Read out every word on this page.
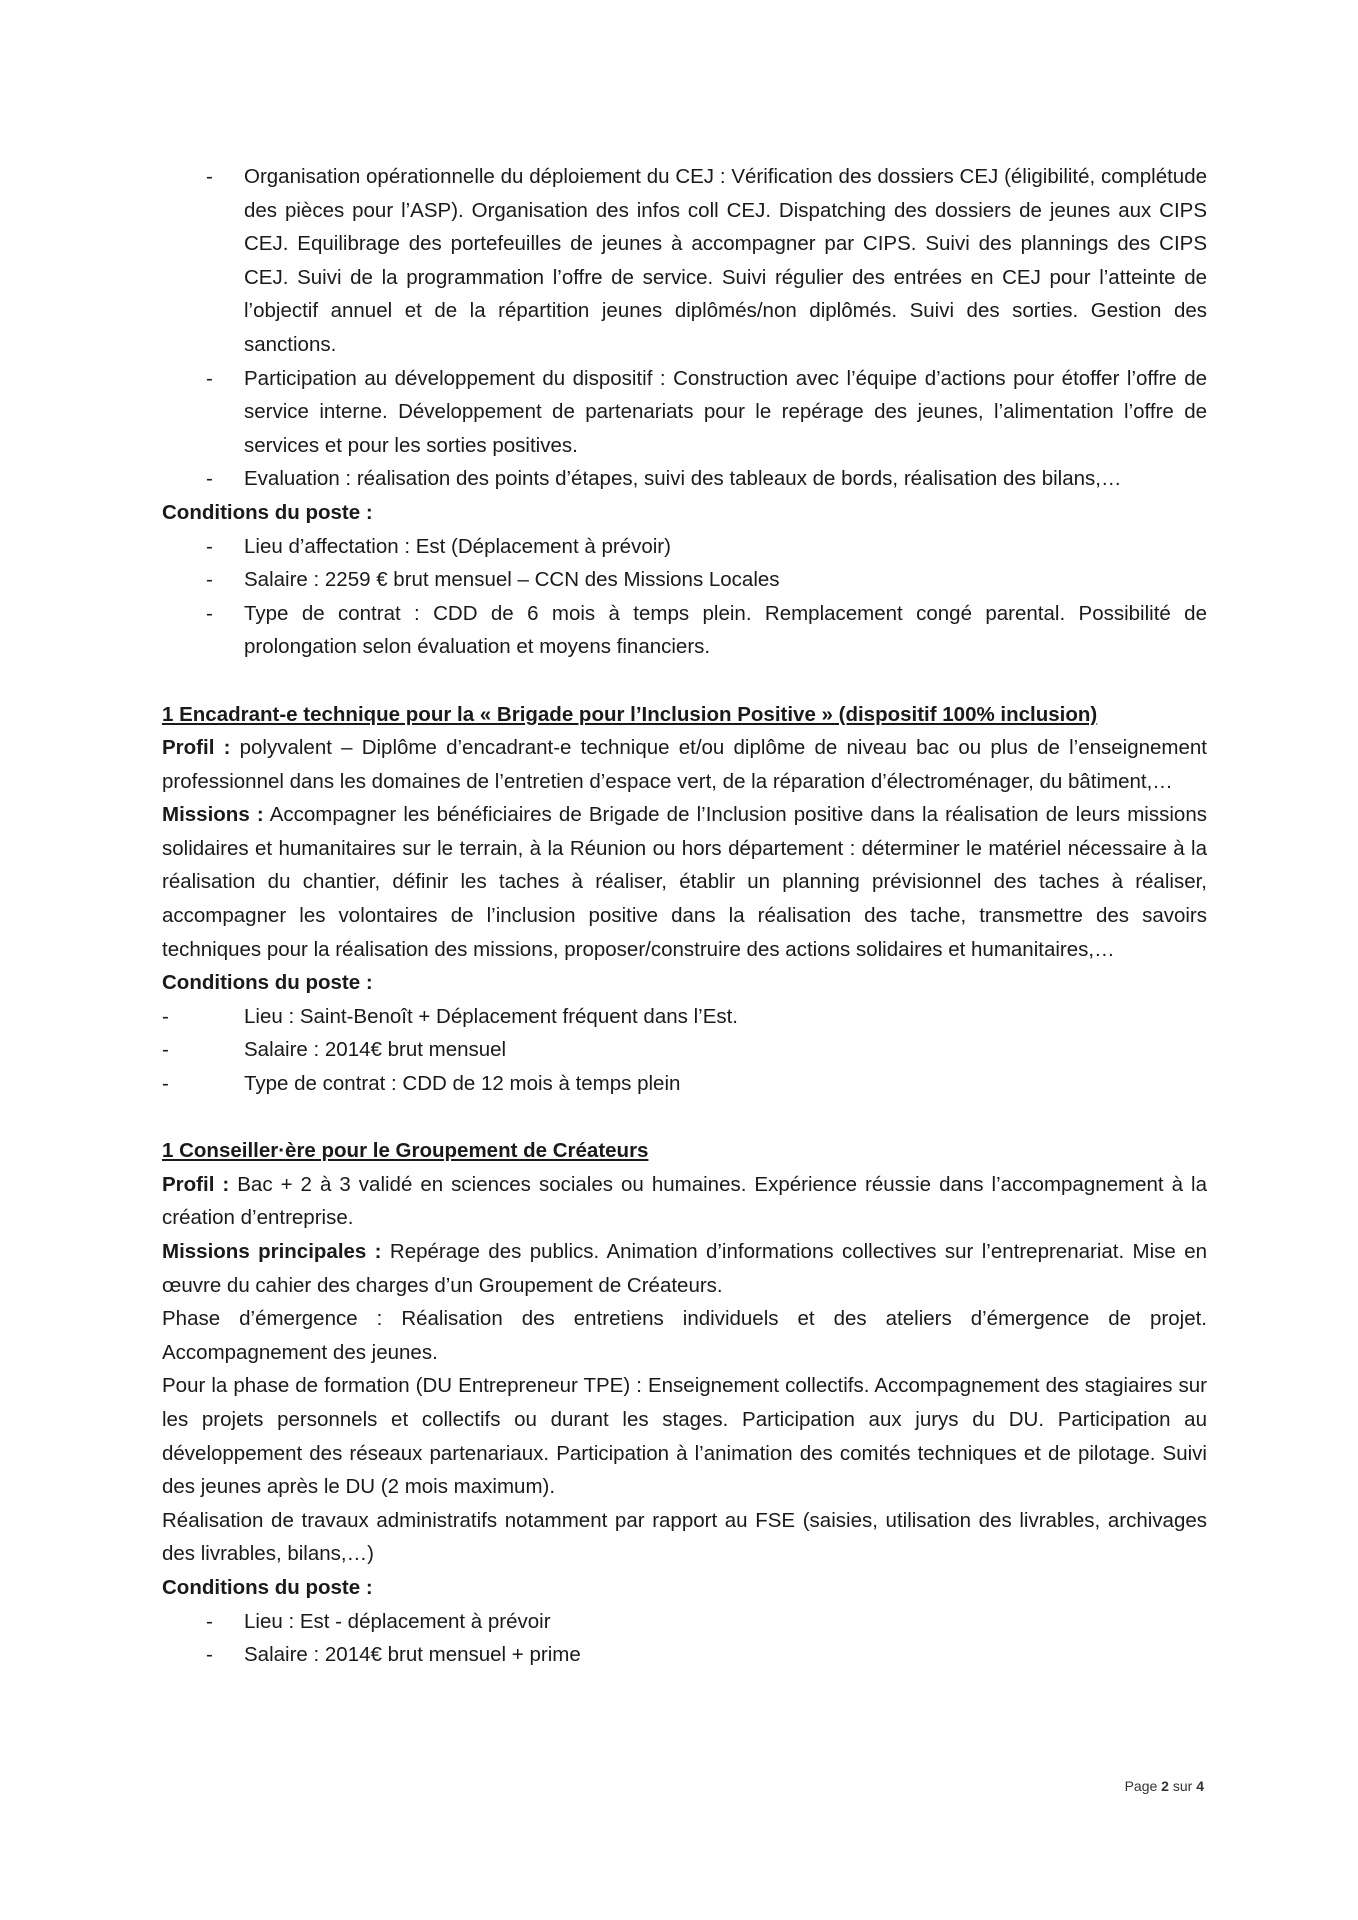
- Organisation opérationnelle du déploiement du CEJ : Vérification des dossiers CEJ (éligibilité, complétude des pièces pour l’ASP). Organisation des infos coll CEJ. Dispatching des dossiers de jeunes aux CIPS CEJ. Equilibrage des portefeuilles de jeunes à accompagner par CIPS. Suivi des plannings des CIPS CEJ. Suivi de la programmation l’offre de service. Suivi régulier des entrées en CEJ pour l’atteinte de l’objectif annuel et de la répartition jeunes diplômés/non diplômés. Suivi des sorties. Gestion des sanctions.
- Participation au développement du dispositif : Construction avec l’équipe d’actions pour étoffer l’offre de service interne. Développement de partenariats pour le repérage des jeunes, l’alimentation l’offre de services et pour les sorties positives.
- Evaluation : réalisation des points d’étapes, suivi des tableaux de bords, réalisation des bilans,…
Conditions du poste :
- Lieu d’affectation : Est (Déplacement à prévoir)
- Salaire : 2259 € brut mensuel – CCN des Missions Locales
- Type de contrat : CDD de 6 mois à temps plein. Remplacement congé parental. Possibilité de prolongation selon évaluation et moyens financiers.
1 Encadrant-e technique pour la « Brigade pour l’Inclusion Positive » (dispositif 100% inclusion)
Profil : polyvalent – Diplôme d’encadrant-e technique et/ou diplôme de niveau bac ou plus de l’enseignement professionnel dans les domaines de l’entretien d’espace vert, de la réparation d’électroménager, du bâtiment,…
Missions : Accompagner les bénéficiaires de Brigade de l’Inclusion positive dans la réalisation de leurs missions solidaires et humanitaires sur le terrain, à la Réunion ou hors département : déterminer le matériel nécessaire à la réalisation du chantier, définir les taches à réaliser, établir un planning prévisionnel des taches à réaliser, accompagner les volontaires de l’inclusion positive dans la réalisation des tache, transmettre des savoirs techniques pour la réalisation des missions, proposer/construire des actions solidaires et humanitaires,…
Conditions du poste :
-	Lieu : Saint-Benoît + Déplacement fréquent dans l’Est.
-	Salaire : 2014€ brut mensuel
-	Type de contrat : CDD de 12 mois à temps plein
1 Conseiller·ère pour le Groupement de Créateurs
Profil : Bac + 2 à 3 validé en sciences sociales ou humaines. Expérience réussie dans l’accompagnement à la création d’entreprise.
Missions principales : Repérage des publics. Animation d’informations collectives sur l’entreprenariat. Mise en œuvre du cahier des charges d’un Groupement de Créateurs.
Phase d’émergence : Réalisation des entretiens individuels et des ateliers d’émergence de projet. Accompagnement des jeunes.
Pour la phase de formation (DU Entrepreneur TPE) : Enseignement collectifs. Accompagnement des stagiaires sur les projets personnels et collectifs ou durant les stages. Participation aux jurys du DU. Participation au développement des réseaux partenariaux. Participation à l’animation des comités techniques et de pilotage. Suivi des jeunes après le DU (2 mois maximum).
Réalisation de travaux administratifs notamment par rapport au FSE (saisies, utilisation des livrables, archivages des livrables, bilans,…)
Conditions du poste :
- Lieu : Est - déplacement à prévoir
- Salaire : 2014€ brut mensuel + prime
Page 2 sur 4
